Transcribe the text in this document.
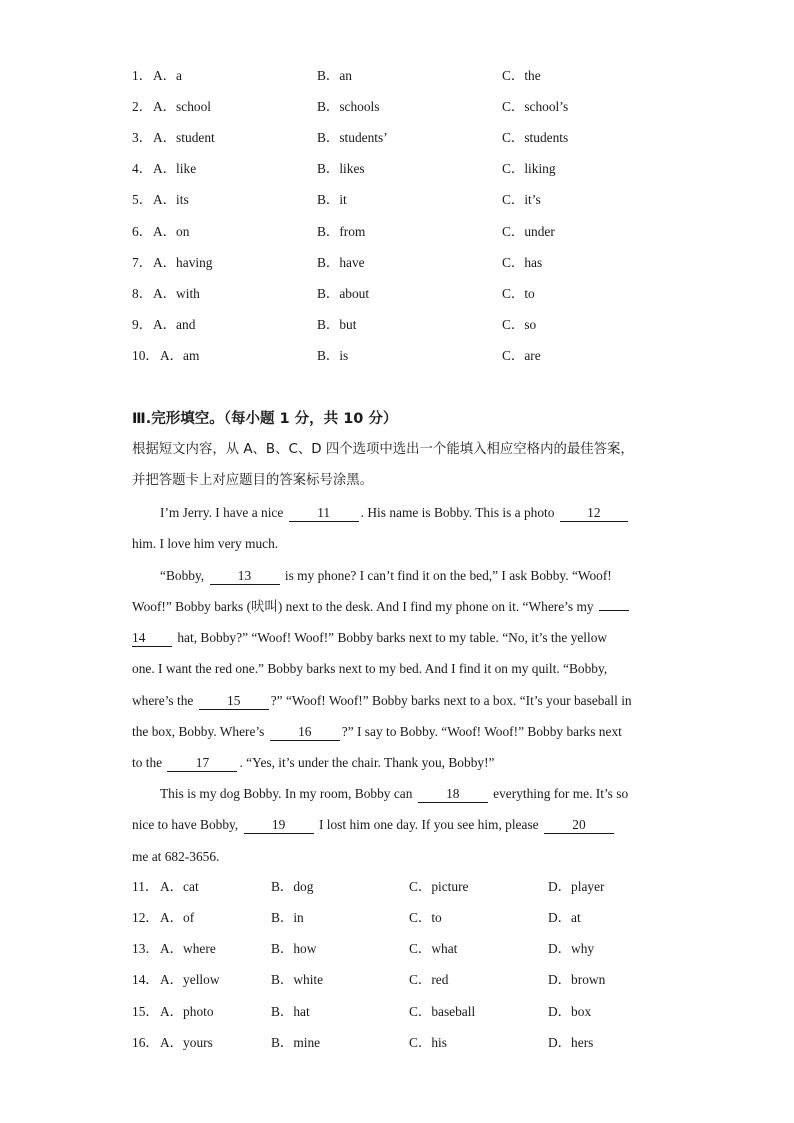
1． A．a	B．an	C．the
2． A．school	B．schools	C．school’s
3． A．student	B．students’	C．students
4． A．like	B．likes	C．liking
5． A．its	B．it	C．it’s
6． A．on	B．from	C．under
7． A．having	B．have	C．has
8． A．with	B．about	C．to
9． A．and	B．but	C．so
10． A．am	B．is	C．are
Ⅲ.完形填空。（每小题 1 分，共 10 分）
根据短文内容，从 A、B、C、D 四个选项中选出一个能填入相应空格内的最佳答案，
并把答题卡上对应题目的答案标号涂黑。
I’m Jerry. I have a nice	11 . His name is Bobby. This is a photo 12
him. I love him very much.
“Bobby,	13	is my phone? I can’t find it on the bed,” I ask Bobby. “Woof!
Woof!” Bobby barks (吠叫) next to the desk. And I find my phone on it. “Where’s my
14 hat, Bobby?” “Woof! Woof!” Bobby barks next to my table. “No, it’s the yellow
one. I want the red one.” Bobby barks next to my bed. And I find it on my quilt. “Bobby,
where’s the	15 ?” “Woof! Woof!” Bobby barks next to a box. “It’s your baseball in
the box, Bobby. Where’s	16 ?” I say to Bobby. “Woof! Woof!” Bobby barks next
to the	17 . “Yes, it’s under the chair. Thank you, Bobby!”
This is my dog Bobby. In my room, Bobby can	18	everything for me. It’s so
nice to have Bobby,	19	I lost him one day. If you see him, please	20
me at 682-3656.
11． A．cat	B．dog	C．picture	D．player
12． A．of	B．in	C．to	D．at
13． A．where	B．how	C．what	D．why
14． A．yellow	B．white	C．red	D．brown
15． A．photo	B．hat	C．baseball	D．box
16． A．yours	B．mine	C．his	D．hers
